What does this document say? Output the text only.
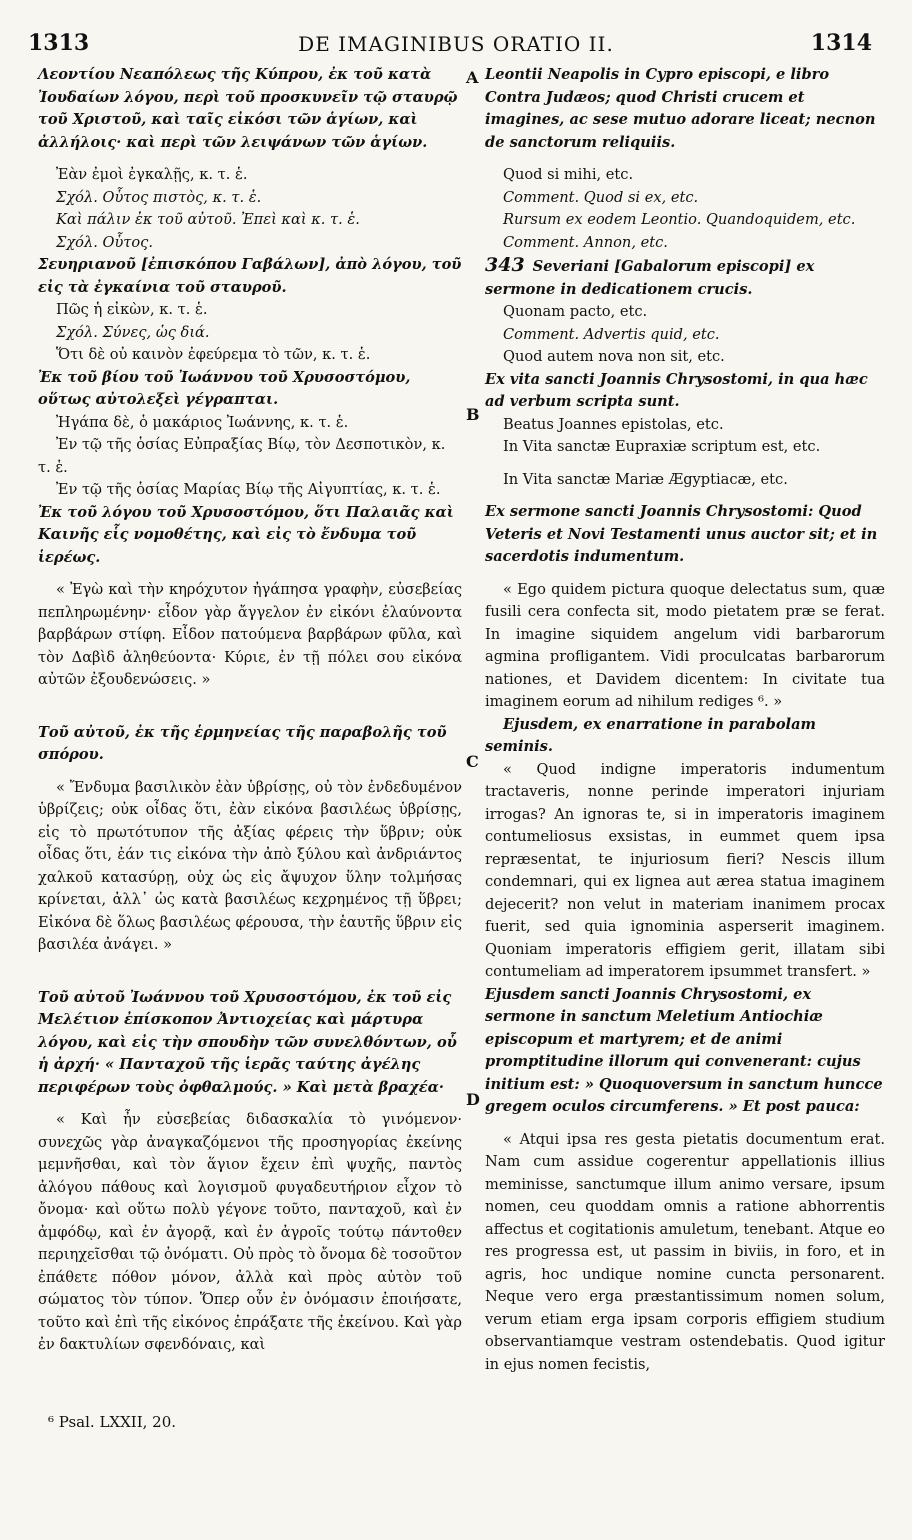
1313	DE IMAGINIBUS ORATIO II.	1314
A
B
C
D

Λεοντίου Νεαπόλεως τῆς Κύπρου, ἐκ τοῦ κατὰ Ἰουδαίων λόγου, περὶ τοῦ προσκυνεῖν τῷ σταυρῷ τοῦ Χριστοῦ, καὶ ταῖς εἰκόσι τῶν ἁγίων, καὶ ἀλλήλοις· καὶ περὶ τῶν λειψάνων τῶν ἁγίων.

Ἐὰν ἐμοὶ ἐγκαλῇς, κ. τ. ἑ.

Σχόλ. Οὗτος πιστὸς, κ. τ. ἑ.

Καὶ πάλιν ἐκ τοῦ αὐτοῦ. Ἐπεὶ καὶ κ. τ. ἑ.

Σχόλ. Οὗτος.

Σευηριανοῦ [ἐπισκόπου Γαβάλων], ἀπὸ λόγου, τοῦ εἰς τὰ ἐγκαίνια τοῦ σταυροῦ.

Πῶς ἡ εἰκὼν, κ. τ. ἑ.

Σχόλ. Σύνες, ὡς διά.

Ὅτι δὲ οὐ καινὸν ἐφεύρεμα τὸ τῶν, κ. τ. ἑ.

Ἐκ τοῦ βίου τοῦ Ἰωάννου τοῦ Χρυσοστόμου, οὕτως αὐτολεξεὶ γέγραπται.

Ἠγάπα δὲ, ὁ μακάριος Ἰωάννης, κ. τ. ἑ.

Ἐν τῷ τῆς ὁσίας Εὐπραξίας Βίῳ, τὸν Δεσποτικὸν, κ. τ. ἑ.

Ἐν τῷ τῆς ὁσίας Μαρίας Βίῳ τῆς Αἰγυπτίας, κ. τ. ἑ.

Ἐκ τοῦ λόγου τοῦ Χρυσοστόμου, ὅτι Παλαιᾶς καὶ Καινῆς εἷς νομοθέτης, καὶ εἰς τὸ ἔνδυμα τοῦ ἱερέως.

« Ἐγὼ καὶ τὴν κηρόχυτον ἠγάπησα γραφὴν, εὐσεβείας πεπληρωμένην· εἶδον γὰρ ἄγγελον ἐν εἰκόνι ἐλαύνοντα βαρβάρων στίφη. Εἶδον πατούμενα βαρβάρων φῦλα, καὶ τὸν Δαβὶδ ἀληθεύοντα· Κύριε, ἐν τῇ πόλει σου εἰκόνα αὐτῶν ἐξουδενώσεις. »

Τοῦ αὐτοῦ, ἐκ τῆς ἑρμηνείας τῆς παραβολῆς τοῦ σπόρου.

« Ἔνδυμα βασιλικὸν ἐὰν ὑβρίσῃς, οὐ τὸν ἐνδεδυμένον ὑβρίζεις; οὐκ οἶδας ὅτι, ἐὰν εἰκόνα βασιλέως ὑβρίσῃς, εἰς τὸ πρωτότυπον τῆς ἀξίας φέρεις τὴν ὕβριν; οὐκ οἶδας ὅτι, ἐάν τις εἰκόνα τὴν ἀπὸ ξύλου καὶ ἀνδριάντος χαλκοῦ κατασύρῃ, οὐχ ὡς εἰς ἄψυχον ὕλην τολμήσας κρίνεται, ἀλλ᾽ ὡς κατὰ βασιλέως κεχρημένος τῇ ὕβρει; Εἰκόνα δὲ ὅλως βασιλέως φέρουσα, τὴν ἑαυτῆς ὕβριν εἰς βασιλέα ἀνάγει. »

Τοῦ αὐτοῦ Ἰωάννου τοῦ Χρυσοστόμου, ἐκ τοῦ εἰς Μελέτιον ἐπίσκοπον Ἀντιοχείας καὶ μάρτυρα λόγου, καὶ εἰς τὴν σπουδὴν τῶν συνελθόντων, οὗ ἡ ἀρχή· « Πανταχοῦ τῆς ἱερᾶς ταύτης ἀγέλης περιφέρων τοὺς ὀφθαλμούς. » Καὶ μετὰ βραχέα·

« Καὶ ἦν εὐσεβείας διδασκαλία τὸ γινόμενον· συνεχῶς γὰρ ἀναγκαζόμενοι τῆς προσηγορίας ἐκείνης μεμνῆσθαι, καὶ τὸν ἅγιον ἔχειν ἐπὶ ψυχῆς, παντὸς ἀλόγου πάθους καὶ λογισμοῦ φυγαδευτήριον εἶχον τὸ ὄνομα· καὶ οὕτω πολὺ γέγονε τοῦτο, πανταχοῦ, καὶ ἐν ἀμφόδῳ, καὶ ἐν ἀγορᾷ, καὶ ἐν ἀγροῖς τούτῳ πάντοθεν περιηχεῖσθαι τῷ ὀνόματι. Οὐ πρὸς τὸ ὄνομα δὲ τοσοῦτον ἐπάθετε πόθον μόνον, ἀλλὰ καὶ πρὸς αὐτὸν τοῦ σώματος τὸν τύπον. Ὅπερ οὖν ἐν ὀνόμασιν ἐποιήσατε, τοῦτο καὶ ἐπὶ τῆς εἰκόνος ἐπράξατε τῆς ἐκείνου. Καὶ γὰρ ἐν δακτυλίων σφενδόναις, καὶ

Leontii Neapolis in Cypro episcopi, e libro Contra Judæos; quod Christi crucem et imagines, ac sese mutuo adorare liceat; necnon de sanctorum reliquiis.

Quod si mihi, etc.

Comment. Quod si ex, etc.

Rursum ex eodem Leontio. Quandoquidem, etc.

Comment. Annon, etc.

343 Severiani [Gabalorum episcopi] ex sermone in dedicationem crucis.

Quonam pacto, etc.

Comment. Advertis quid, etc.

Quod autem nova non sit, etc.

Ex vita sancti Joannis Chrysostomi, in qua hæc ad verbum scripta sunt.

Beatus Joannes epistolas, etc.

In Vita sanctæ Eupraxiæ scriptum est, etc.

In Vita sanctæ Mariæ Ægyptiacæ, etc.

Ex sermone sancti Joannis Chrysostomi: Quod Veteris et Novi Testamenti unus auctor sit; et in sacerdotis indumentum.

« Ego quidem pictura quoque delectatus sum, quæ fusili cera confecta sit, modo pietatem præ se ferat. In imagine siquidem angelum vidi barbarorum agmina profligantem. Vidi proculcatas barbarorum nationes, et Davidem dicentem: In civitate tua imaginem eorum ad nihilum rediges ⁶. »

Ejusdem, ex enarratione in parabolam seminis.

« Quod indigne imperatoris indumentum tractaveris, nonne perinde imperatori injuriam irrogas? An ignoras te, si in imperatoris imaginem contumeliosus exsistas, in eummet quem ipsa repræsentat, te injuriosum fieri? Nescis illum condemnari, qui ex lignea aut ærea statua imaginem dejecerit? non velut in materiam inanimem procax fuerit, sed quia ignominia asperserit imaginem. Quoniam imperatoris effigiem gerit, illatam sibi contumeliam ad imperatorem ipsummet transfert. »

Ejusdem sancti Joannis Chrysostomi, ex sermone in sanctum Meletium Antiochiæ episcopum et martyrem; et de animi promptitudine illorum qui convenerant: cujus initium est: » Quoquoversum in sanctum huncce gregem oculos circumferens. » Et post pauca:

« Atqui ipsa res gesta pietatis documentum erat. Nam cum assidue cogerentur appellationis illius meminisse, sanctumque illum animo versare, ipsum nomen, ceu quoddam omnis a ratione abhorrentis affectus et cogitationis amuletum, tenebant. Atque eo res progressa est, ut passim in biviis, in foro, et in agris, hoc undique nomine cuncta personarent. Neque vero erga præstantissimum nomen solum, verum etiam erga ipsam corporis effigiem studium observantiamque vestram ostendebatis. Quod igitur in ejus nomen fecistis,

⁶ Psal. LXXII, 20.
